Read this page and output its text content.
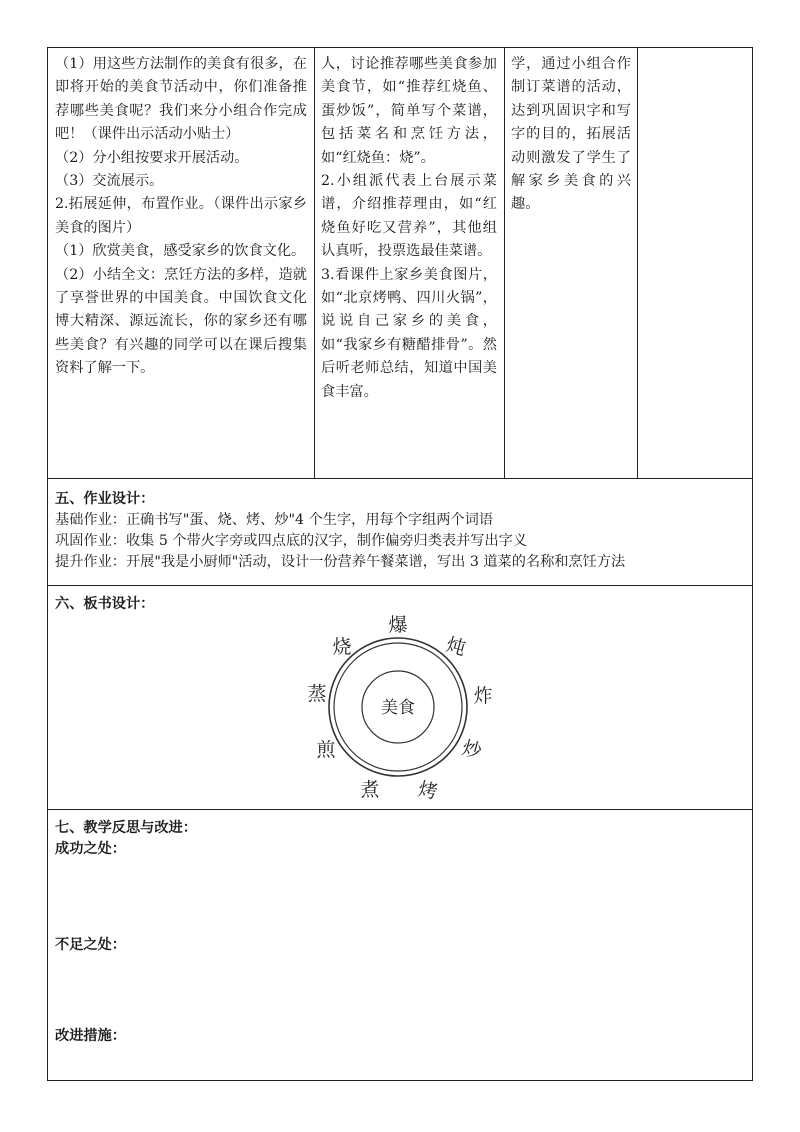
（1）用这些方法制作的美食有很多，在即将开始的美食节活动中，你们准备推荐哪些美食呢？我们来分小组合作完成吧！（课件出示活动小贴士）

（2）分小组按要求开展活动。

（3）交流展示。

2.拓展延伸，布置作业。（课件出示家乡美食的图片）

（1）欣赏美食，感受家乡的饮食文化。

（2）小结全文：烹饪方法的多样，造就了享誉世界的中国美食。中国饮食文化博大精深、源远流长，你的家乡还有哪些美食？有兴趣的同学可以在课后搜集资料了解一下。

人，讨论推荐哪些美食参加美食节，如“推荐红烧鱼、蛋炒饭”，简单写个菜谱，包括菜名和烹饪方法，如“红烧鱼：烧”。

2.小组派代表上台展示菜谱，介绍推荐理由，如“红烧鱼好吃又营养”，其他组认真听，投票选最佳菜谱。

3.看课件上家乡美食图片，如“北京烤鸭、四川火锅”，说说自己家乡的美食，如“我家乡有糖醋排骨”。然后听老师总结，知道中国美食丰富。

学，通过小组合作制订菜谱的活动，达到巩固识字和写字的目的，拓展活动则激发了学生了解家乡美食的兴趣。

五、作业设计：

基础作业：正确书写"蛋、烧、烤、炒"4 个生字，用每个字组两个词语

巩固作业：收集 5 个带火字旁或四点底的汉字，制作偏旁归类表并写出字义

提升作业：开展"我是小厨师"活动，设计一份营养午餐菜谱，写出 3 道菜的名称和烹饪方法

六、板书设计：

美食
爆
炖
炸
炒
烤
煮
煎
蒸
烧

七、教学反思与改进：

成功之处：

不足之处：

改进措施：
